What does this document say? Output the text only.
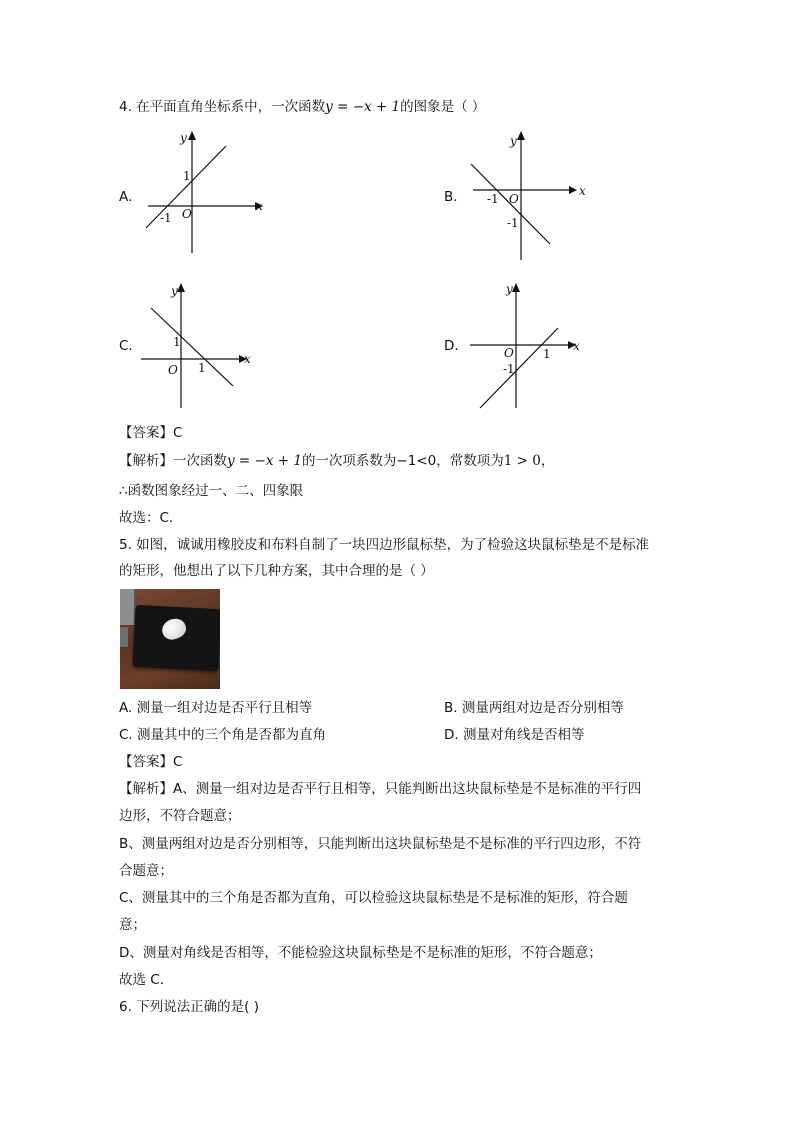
4. 在平面直角坐标系中，一次函数y = −x + 1的图象是（ ）
A.
x
y
O
1
-1
B.	x
y
O
-1
-1
C.
x
y
O
1
1
D.	x
y
O 1
-1
【答案】C
【解析】一次函数y = −x + 1的一次项系数为−1<0，常数项为1 > 0，
∴函数图象经过一、二、四象限
故选：C．
5. 如图，诚诚用橡胶皮和布料自制了一块四边形鼠标垫，为了检验这块鼠标垫是不是标准
的矩形，他想出了以下几种方案，其中合理的是（ ）
A. 测量一组对边是否平行且相等	B. 测量两组对边是否分别相等
C. 测量其中的三个角是否都为直角	D. 测量对角线是否相等
【答案】C
【解析】A、测量一组对边是否平行且相等，只能判断出这块鼠标垫是不是标准的平行四
边形，不符合题意；
B、测量两组对边是否分别相等，只能判断出这块鼠标垫是不是标准的平行四边形，不符
合题意；
C、测量其中的三个角是否都为直角，可以检验这块鼠标垫是不是标准的矩形，符合题
意；
D、测量对角线是否相等，不能检验这块鼠标垫是不是标准的矩形，不符合题意；
故选 C．
6. 下列说法正确的是( )
